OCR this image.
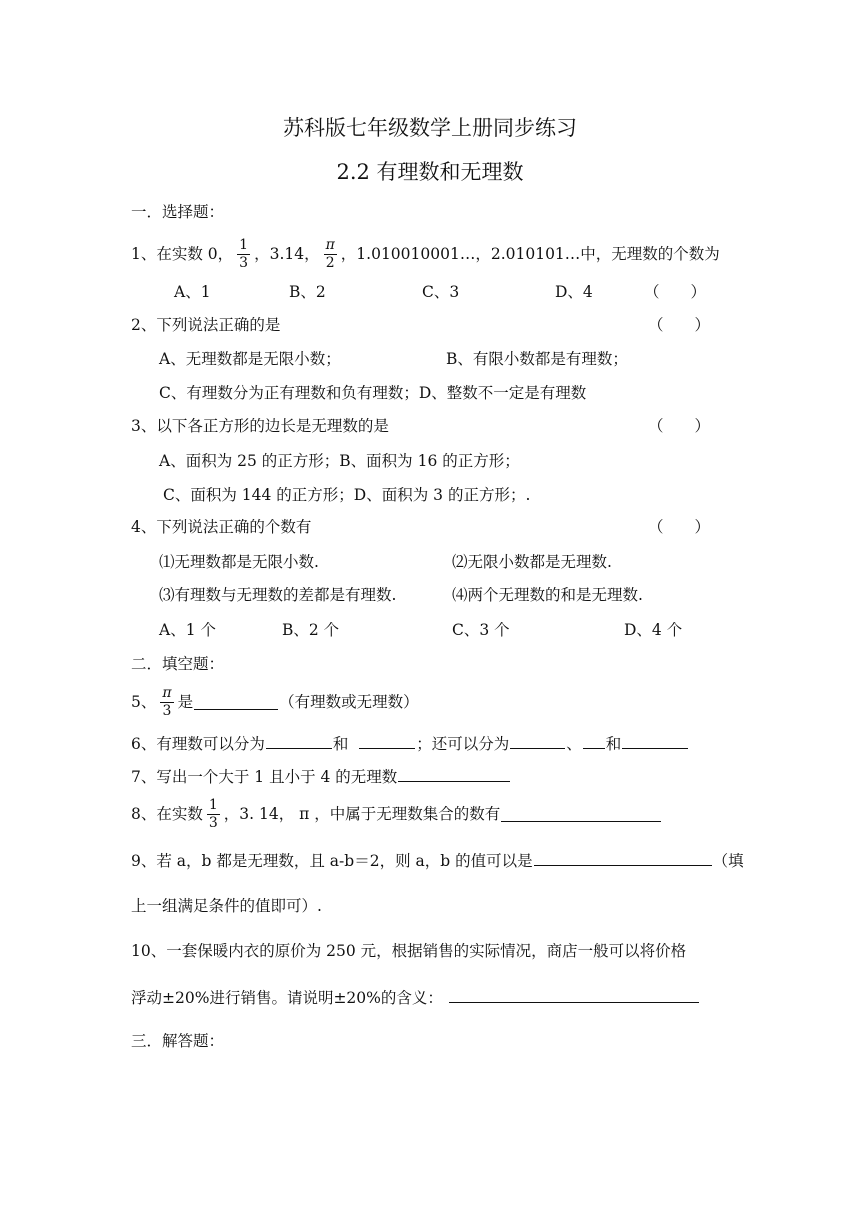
苏科版七年级数学上册同步练习
2.2 有理数和无理数
一．选择题：
1、在实数 0， $\frac{1}{3}$ ，3.14， $\frac{\pi}{2}$ ，1.010010001…，2.010101…中，无理数的个数为
A、1	B、2	C、3	D、4	（　　）
2、下列说法正确的是	（　　）
A、无理数都是无限小数；	B、有限小数都是有理数；
C、有理数分为正有理数和负有理数；D、整数不一定是有理数
3、以下各正方形的边长是无理数的是	（　　）
A、面积为 25 的正方形；B、面积为 16 的正方形；
C、面积为 144 的正方形；D、面积为 3 的正方形；.
4、下列说法正确的个数有	（　　）
⑴无理数都是无限小数.	⑵无限小数都是无理数.
⑶有理数与无理数的差都是有理数.	⑷两个无理数的和是无理数.
A、1 个	B、2 个	C、3 个	D、4 个
二．填空题：
5、 $\frac{\pi}{3}$ 是	（有理数或无理数）
6、有理数可以分为	和	；还可以分为	、 和
7、写出一个大于 1 且小于 4 的无理数
8、在实数 $\frac{1}{3}$ ，3. 14， π ，中属于无理数集合的数有
9、若 a，b 都是无理数，且 a-b＝2，则 a，b 的值可以是	（填
上一组满足条件的值即可）.
10、一套保暖内衣的原价为 250 元，根据销售的实际情况，商店一般可以将价格
浮动±20%进行销售。请说明±20%的含义：
三．解答题：
